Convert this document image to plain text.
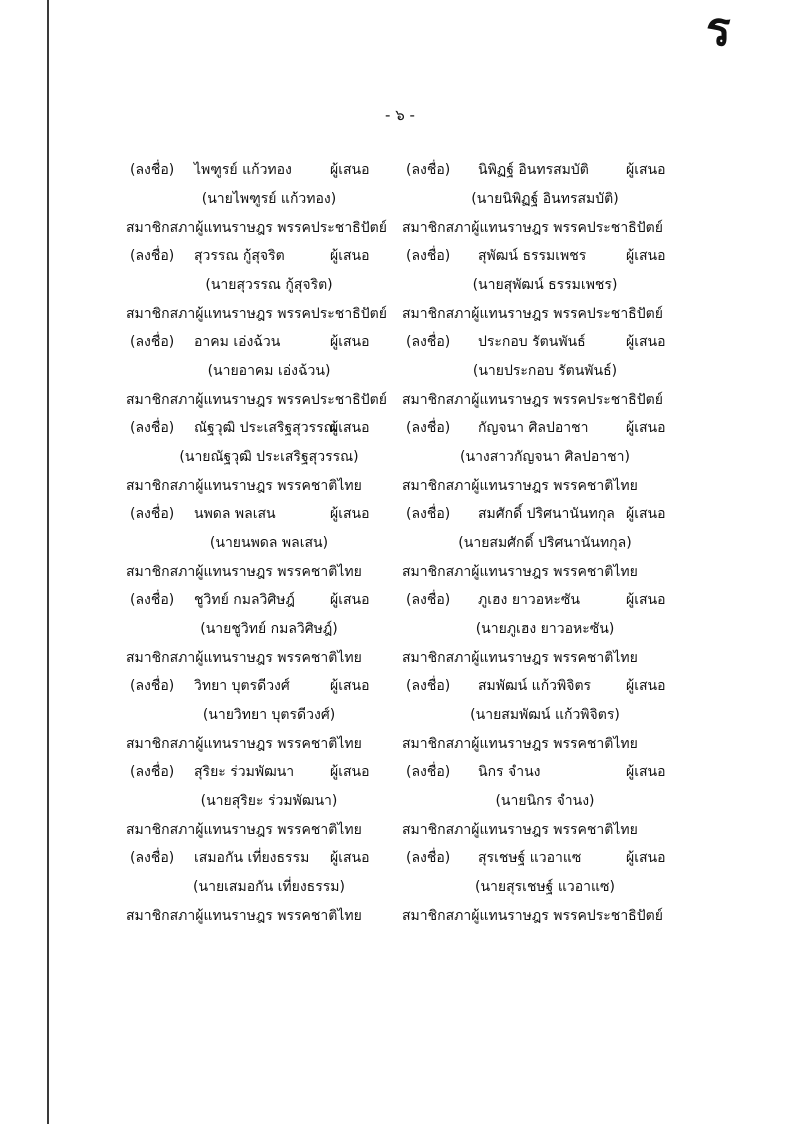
ร
- ๖ -
(ลงชื่อ) ไพฑูรย์ แก้วทอง	ผู้เสนอ
(นายไพฑูรย์ แก้วทอง)
สมาชิกสภาผู้แทนราษฎร พรรคประชาธิปัตย์
(ลงชื่อ) สุวรรณ กู้สุจริต	ผู้เสนอ
(นายสุวรรณ กู้สุจริต)
สมาชิกสภาผู้แทนราษฎร พรรคประชาธิปัตย์
(ลงชื่อ) อาคม เอ่งฉ้วน	ผู้เสนอ
(นายอาคม เอ่งฉ้วน)
สมาชิกสภาผู้แทนราษฎร พรรคประชาธิปัตย์
(ลงชื่อ) ณัฐวุฒิ ประเสริฐสุวรรณ
ผู้เสนอ
(นายณัฐวุฒิ ประเสริฐสุวรรณ)
สมาชิกสภาผู้แทนราษฎร พรรคชาติไทย
(ลงชื่อ) นพดล พลเสน	ผู้เสนอ
(นายนพดล พลเสน)
สมาชิกสภาผู้แทนราษฎร พรรคชาติไทย
(ลงชื่อ) ชูวิทย์ กมลวิศิษฎ์	ผู้เสนอ
(นายชูวิทย์ กมลวิศิษฎ์)
สมาชิกสภาผู้แทนราษฎร พรรคชาติไทย
(ลงชื่อ) วิทยา บุตรดีวงศ์	ผู้เสนอ
(นายวิทยา บุตรดีวงศ์)
สมาชิกสภาผู้แทนราษฎร พรรคชาติไทย
(ลงชื่อ) สุริยะ ร่วมพัฒนา	ผู้เสนอ
(นายสุริยะ ร่วมพัฒนา)
สมาชิกสภาผู้แทนราษฎร พรรคชาติไทย
(ลงชื่อ) เสมอกัน เที่ยงธรรม ผู้เสนอ
(นายเสมอกัน เที่ยงธรรม)
สมาชิกสภาผู้แทนราษฎร พรรคชาติไทย
(ลงชื่อ) นิพิฏฐ์ อินทรสมบัติ	ผู้เสนอ
(นายนิพิฏฐ์ อินทรสมบัติ)
สมาชิกสภาผู้แทนราษฎร พรรคประชาธิปัตย์
(ลงชื่อ) สุพัฒน์ ธรรมเพชร	ผู้เสนอ
(นายสุพัฒน์ ธรรมเพชร)
สมาชิกสภาผู้แทนราษฎร พรรคประชาธิปัตย์
(ลงชื่อ) ประกอบ รัตนพันธ์	ผู้เสนอ
(นายประกอบ รัตนพันธ์)
สมาชิกสภาผู้แทนราษฎร พรรคประชาธิปัตย์
(ลงชื่อ) กัญจนา ศิลปอาชา	ผู้เสนอ
(นางสาวกัญจนา ศิลปอาชา)
สมาชิกสภาผู้แทนราษฎร พรรคชาติไทย
(ลงชื่อ) สมศักดิ์ ปริศนานันทกุล ผู้เสนอ
(นายสมศักดิ์ ปริศนานันทกุล)
สมาชิกสภาผู้แทนราษฎร พรรคชาติไทย
(ลงชื่อ) ภูเฮง ยาวอหะซัน	ผู้เสนอ
(นายภูเฮง ยาวอหะซัน)
สมาชิกสภาผู้แทนราษฎร พรรคชาติไทย
(ลงชื่อ) สมพัฒน์ แก้วพิจิตร ผู้เสนอ
(นายสมพัฒน์ แก้วพิจิตร)
สมาชิกสภาผู้แทนราษฎร พรรคชาติไทย
(ลงชื่อ) นิกร จำนง	ผู้เสนอ
(นายนิกร จำนง)
สมาชิกสภาผู้แทนราษฎร พรรคชาติไทย
(ลงชื่อ) สุรเชษฐ์ แวอาแซ	ผู้เสนอ
(นายสุรเชษฐ์ แวอาแซ)
สมาชิกสภาผู้แทนราษฎร พรรคประชาธิปัตย์
